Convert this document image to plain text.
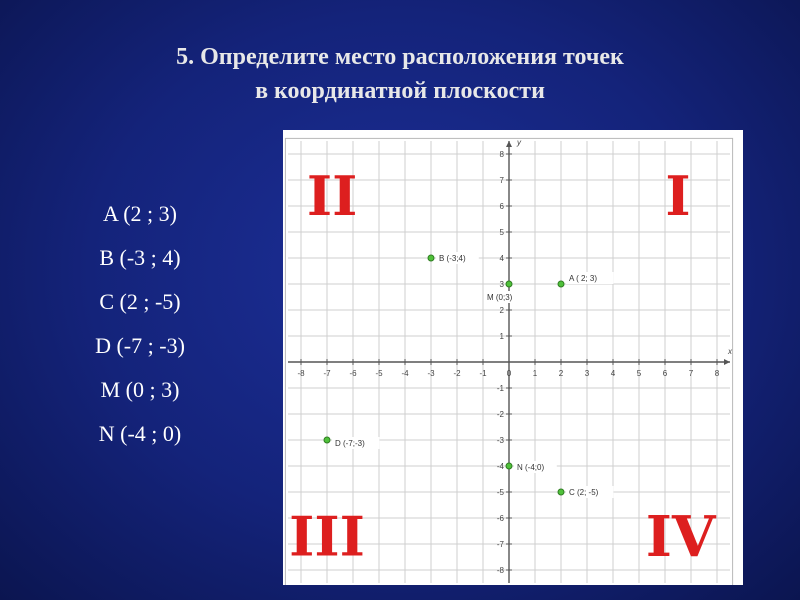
5. Определите место расположения точек
в координатной плоскости
A (2 ; 3)
B (-3 ; 4)
C (2 ; -5)
D (-7 ; -3)
M (0 ; 3)
N (-4 ; 0)
x
y
-8 -7 -6 -5 -4 -3 -2 -1	0	1	2	3	4	5	6	7	8
8
7
6
5
4
3
2
1
-1
-2
-3
-4
-5
-6
-7
-8
I
II
III	IV
A ( 2; 3)
B (-3;4)
C (2; -5)
D (-7;-3)
M (0;3)
N (-4;0)
